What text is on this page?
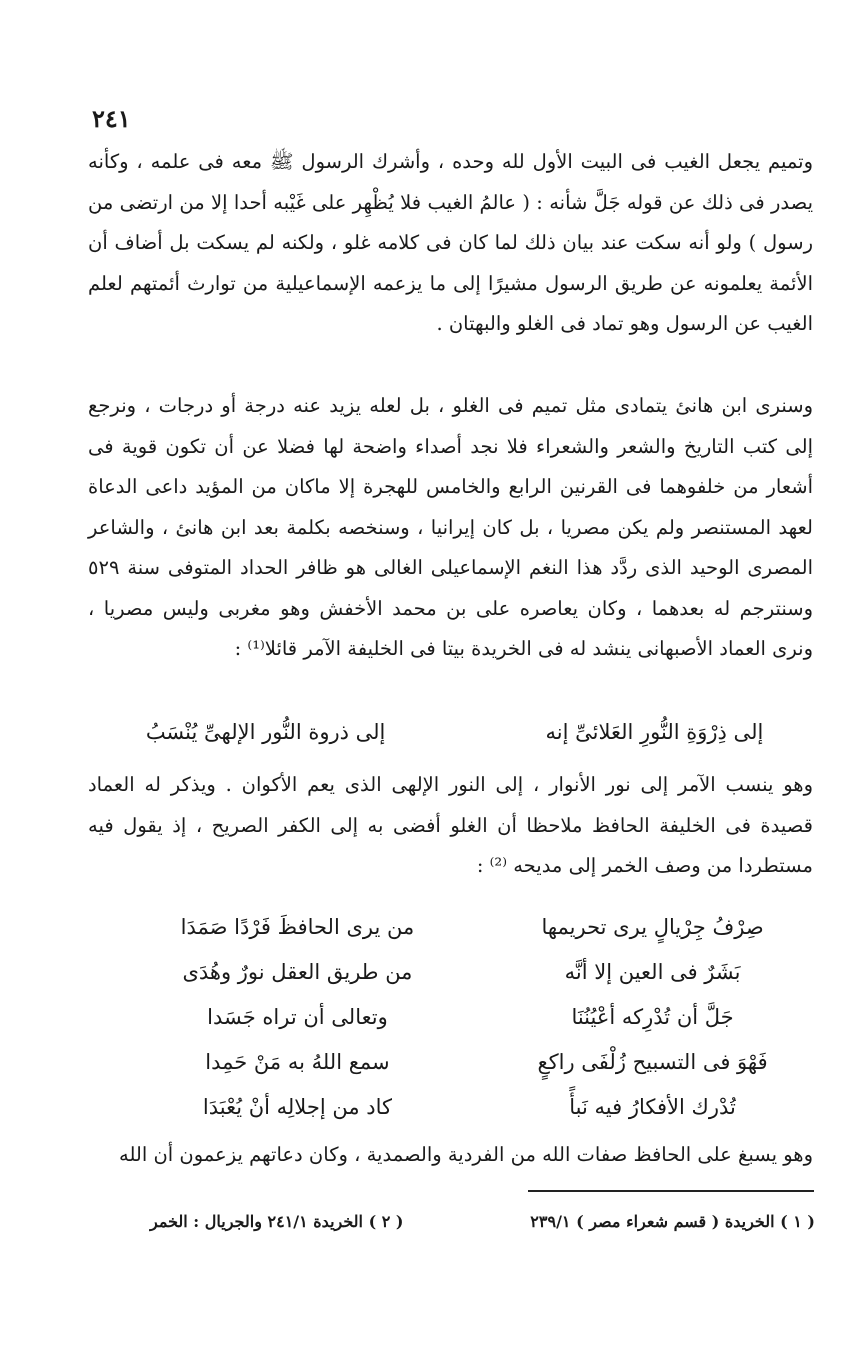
٢٤١

وتميم يجعل الغيب فى البيت الأول لله وحده ، وأشرك الرسول ﷺ معه فى علمه ، وكأنه يصدر فى ذلك عن قوله جَلَّ شأنه : ( عالمُ الغيب فلا يُظْهِر على غَيْبه أحدا إلا من ارتضى من رسول ) ولو أنه سكت عند بيان ذلك لما كان فى كلامه غلو ، ولكنه لم يسكت بل أضاف أن الأئمة يعلمونه عن طريق الرسول مشيرًا إلى ما يزعمه الإسماعيلية من توارث أئمتهم لعلم الغيب عن الرسول وهو تماد فى الغلو والبهتان .

وسنرى ابن هانئ يتمادى مثل تميم فى الغلو ، بل لعله يزيد عنه درجة أو درجات ، ونرجع إلى كتب التاريخ والشعر والشعراء فلا نجد أصداء واضحة لها فضلا عن أن تكون قوية فى أشعار من خلفوهما فى القرنين الرابع والخامس للهجرة إلا ماكان من المؤيد داعى الدعاة لعهد المستنصر ولم يكن مصريا ، بل كان إيرانيا ، وسنخصه بكلمة بعد ابن هانئ ، والشاعر المصرى الوحيد الذى ردَّد هذا النغم الإسماعيلى الغالى هو ظافر الحداد المتوفى سنة ٥٢٩ وسنترجم له بعدهما ، وكان يعاصره على بن محمد الأخفش وهو مغربى وليس مصريا ، ونرى العماد الأصبهانى ينشد له فى الخريدة بيتا فى الخليفة الآمر قائلا⁽¹⁾ :

إلى ذِرْوَةِ النُّورِ العَلائىِّ إنه
إلى ذروة النُّور الإلهىِّ يُنْسَبُ

وهو ينسب الآمر إلى نور الأنوار ، إلى النور الإلهى الذى يعم الأكوان . ويذكر له العماد قصيدة فى الخليفة الحافظ ملاحظا أن الغلو أفضى به إلى الكفر الصريح ، إذ يقول فيه مستطردا من وصف الخمر إلى مديحه ⁽²⁾ :

صِرْفُ جِرْيالٍ يرى تحريمها
من يرى الحافظَ فَرْدًا صَمَدَا
بَشَرٌ فى العين إلا أنَّه
من طريق العقل نورٌ وهُدَى
جَلَّ أن تُدْرِكه أعْيُنُنَا
وتعالى أن تراه جَسَدا
فَهْوَ فى التسبيح زُلْفَى راكعٍ
سمع اللهُ به مَنْ حَمِدا
تُدْرك الأفكارُ فيه نَبأً
كاد من إجلالِه أنْ يُعْبَدَا

وهو يسبغ على الحافظ صفات الله من الفردية والصمدية ، وكان دعاتهم يزعمون أن الله

( ١ ) الخريدة ( قسم شعراء مصر ) ٢٣٩/١
( ٢ ) الخريدة ٢٤١/١ والجريال : الخمر
